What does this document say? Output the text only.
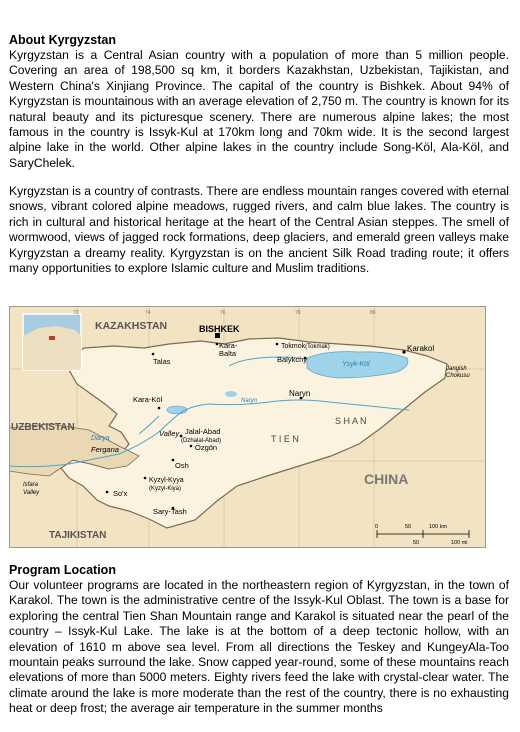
About Kyrgyzstan

Kyrgyzstan is a Central Asian country with a population of more than 5 million people. Covering an area of 198,500 sq km, it borders Kazakhstan, Uzbekistan, Tajikistan, and Western China's Xinjiang Province. The capital of the country is Bishkek. About 94% of Kyrgyzstan is mountainous with an average elevation of 2,750 m. The country is known for its natural beauty and its picturesque scenery. There are numerous alpine lakes; the most famous in the country is Issyk-Kul at 170km long and 70km wide. It is the second largest alpine lake in the world. Other alpine lakes in the country include Song-Köl, Ala-Köl, and SaryChelek.

Kyrgyzstan is a country of contrasts. There are endless mountain ranges covered with eternal snows, vibrant colored alpine meadows, rugged rivers, and calm blue lakes. The country is rich in cultural and historical heritage at the heart of the Central Asian steppes. The smell of wormwood, views of jagged rock formations, deep glaciers, and emerald green valleys make Kyrgyzstan a dreamy reality. Kyrgyzstan is on the ancient Silk Road trading route; it offers many opportunities to explore Islamic culture and Muslim traditions.

KAZAKHSTAN
UZBEKISTAN
TAJIKISTAN
CHINA
BISHKEK
Kara-Balta
Talas
Tokmok(Tokmak)
Balykchy
Karakol
Ysyk-Köl
Jangish
Chokusu
Kara-Köl
Naryn
Naryn
Jalal-Abad
(Dzhalal-Abad)
Özgön
Osh
So'x
Kyzyl-Kyya
(Kyzyl-Kiya)
Sary-Tash
Fergana
Valley
Darya
Isfara
Valley
T I E N
S H A N
0	50	100 km
50	100 mi
72	74	76	78	80
Program Location

Our volunteer programs are located in the northeastern region of Kyrgyzstan, in the town of Karakol. The town is the administrative centre of the Issyk-Kul Oblast. The town is a base for exploring the central Tien Shan Mountain range and Karakol is situated near the pearl of the country – Issyk-Kul Lake. The lake is at the bottom of a deep tectonic hollow, with an elevation of 1610 m above sea level. From all directions the Teskey and KungeyAla-Too mountain peaks surround the lake. Snow capped year-round, some of these mountains reach elevations of more than 5000 meters. Eighty rivers feed the lake with crystal-clear water. The climate around the lake is more moderate than the rest of the country, there is no exhausting heat or deep frost; the average air temperature in the summer months
